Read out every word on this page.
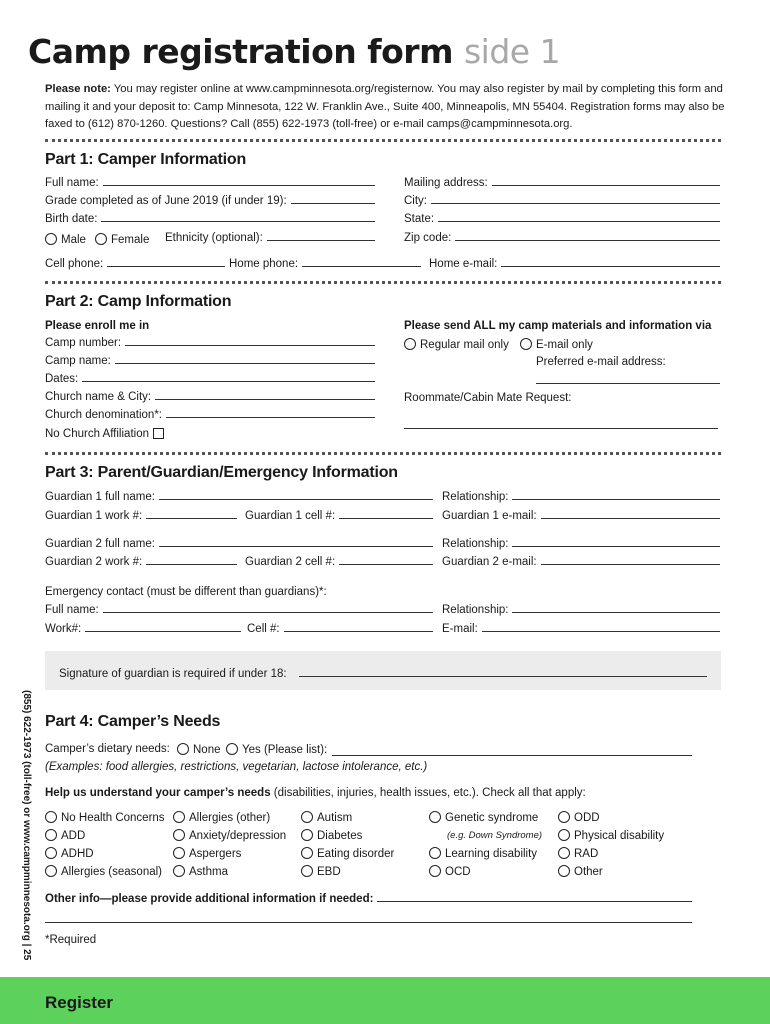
Camp registration form side 1
Please note: You may register online at www.campminnesota.org/registernow. You may also register by mail by completing this form and mailing it and your deposit to: Camp Minnesota, 122 W. Franklin Ave., Suite 400, Minneapolis, MN 55404. Registration forms may also be faxed to (612) 870-1260. Questions? Call (855) 622-1973 (toll-free) or e-mail camps@campminnesota.org.
Part 1: Camper Information
Full name:
Grade completed as of June 2019 (if under 19):
Birth date:
Male	Female Ethnicity (optional):
Mailing address:
City:
State:
Zip code:
Cell phone:	Home phone:	Home e-mail:
Part 2: Camp Information
Please enroll me in
Camp number:
Camp name:
Dates:
Church name & City:
Church denomination*:
No Church Affiliation
Please send ALL my camp materials and information via
Regular mail only	E-mail only
Preferred e-mail address:
Roommate/Cabin Mate Request:
Part 3: Parent/Guardian/Emergency Information
Guardian 1 full name:
Guardian 1 work #:	Guardian 1 cell #:
Relationship:
Guardian 1 e-mail:
Guardian 2 full name:
Guardian 2 work #:	Guardian 2 cell #:
Relationship:
Guardian 2 e-mail:
Emergency contact (must be different than guardians)*:
Full name:	Relationship:
Work#:	Cell #:	E-mail:
Signature of guardian is required if under 18:
Part 4: Camper’s Needs
Camper’s dietary needs:	None	Yes (Please list):
(Examples: food allergies, restrictions, vegetarian, lactose intolerance, etc.)
Help us understand your camper’s needs (disabilities, injuries, health issues, etc.). Check all that apply:
No Health Concerns
ADD
ADHD
Allergies (seasonal)
Allergies (other)
Anxiety/depression
Aspergers
Asthma
Autism
Diabetes
Eating disorder
EBD
Genetic syndrome
(e.g. Down Syndrome)
Learning disability
OCD
ODD
Physical disability
RAD
Other
Other info—please provide additional information if needed:
*Required
(855) 622-1973 (toll-free) or www.campminnesota.org | 25
Register
